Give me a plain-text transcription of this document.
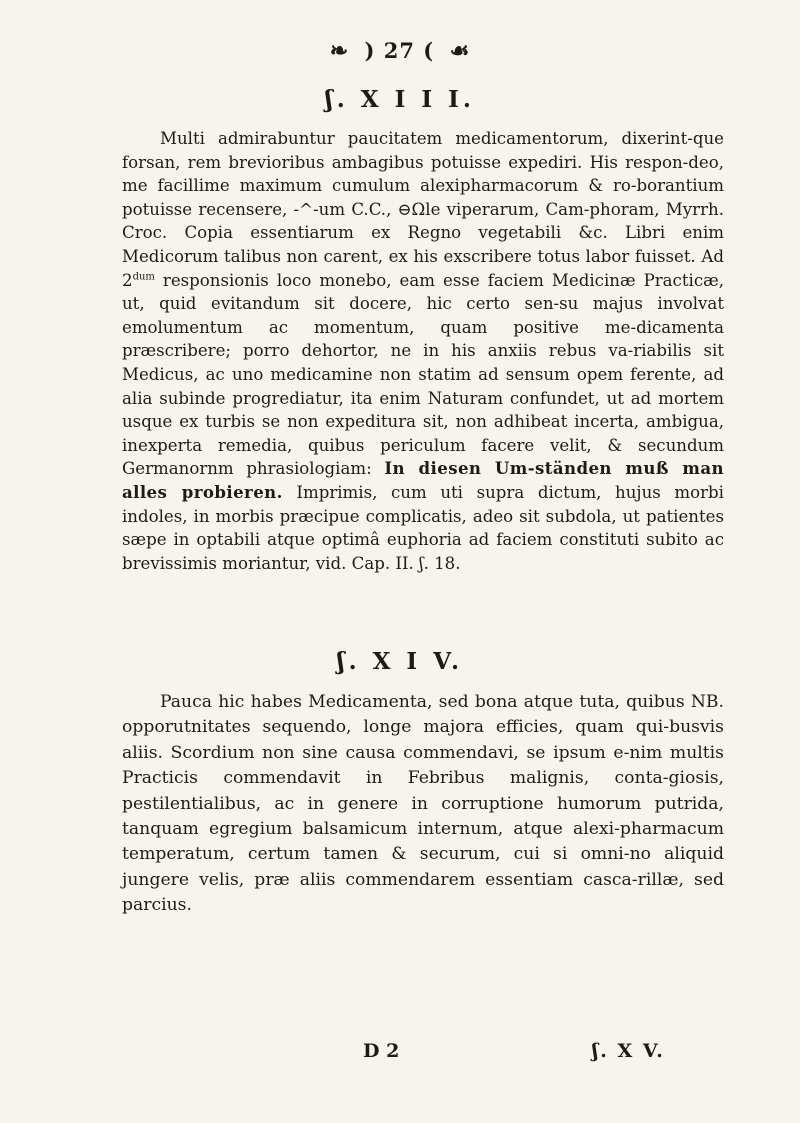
❧ ) 27 ( ☙
ʃ. X I I I.

Multi admirabuntur paucitatem medicamentorum, dixerint-que forsan, rem brevioribus ambagibus potuisse expediri. His respon-deo, me facillime maximum cumulum alexipharmacorum & ro-borantium potuisse recensere, -^-um C.C., ⊖Ωle viperarum, Cam-phoram, Myrrh. Croc. Copia essentiarum ex Regno vegetabili &c. Libri enim Medicorum talibus non carent, ex his exscribere totus labor fuisset. Ad $2^{dum}$ responsionis loco monebo, eam esse faciem Medicinæ Practicæ, ut, quid evitandum sit docere, hic certo sen-su majus involvat emolumentum ac momentum, quam positive me-dicamenta præscribere; porro dehortor, ne in his anxiis rebus va-riabilis sit Medicus, ac uno medicamine non statim ad sensum opem ferente, ad alia subinde progrediatur, ita enim Naturam confundet, ut ad mortem usque ex turbis se non expeditura sit, non adhibeat incerta, ambigua, inexperta remedia, quibus periculum facere velit, & secundum Germanornm phrasiologiam: In diesen Um-ständen muß man alles probieren. Imprimis, cum uti supra dictum, hujus morbi indoles, in morbis præcipue complicatis, adeo sit subdola, ut patientes sæpe in optabili atque optimâ euphoria ad faciem constituti subito ac brevissimis moriantur, vid. Cap. II. ʃ. 18.

ʃ. X I V.

Pauca hic habes Medicamenta, sed bona atque tuta, quibus NB. opporutnitates sequendo, longe majora efficies, quam qui-busvis aliis. Scordium non sine causa commendavi, se ipsum e-nim multis Practicis commendavit in Febribus malignis, conta-giosis, pestilentialibus, ac in genere in corruptione humorum putrida, tanquam egregium balsamicum internum, atque alexi-pharmacum temperatum, certum tamen & securum, cui si omni-no aliquid jungere velis, præ aliis commendarem essentiam casca-rillæ, sed parcius.

D 2	ʃ. X V.
